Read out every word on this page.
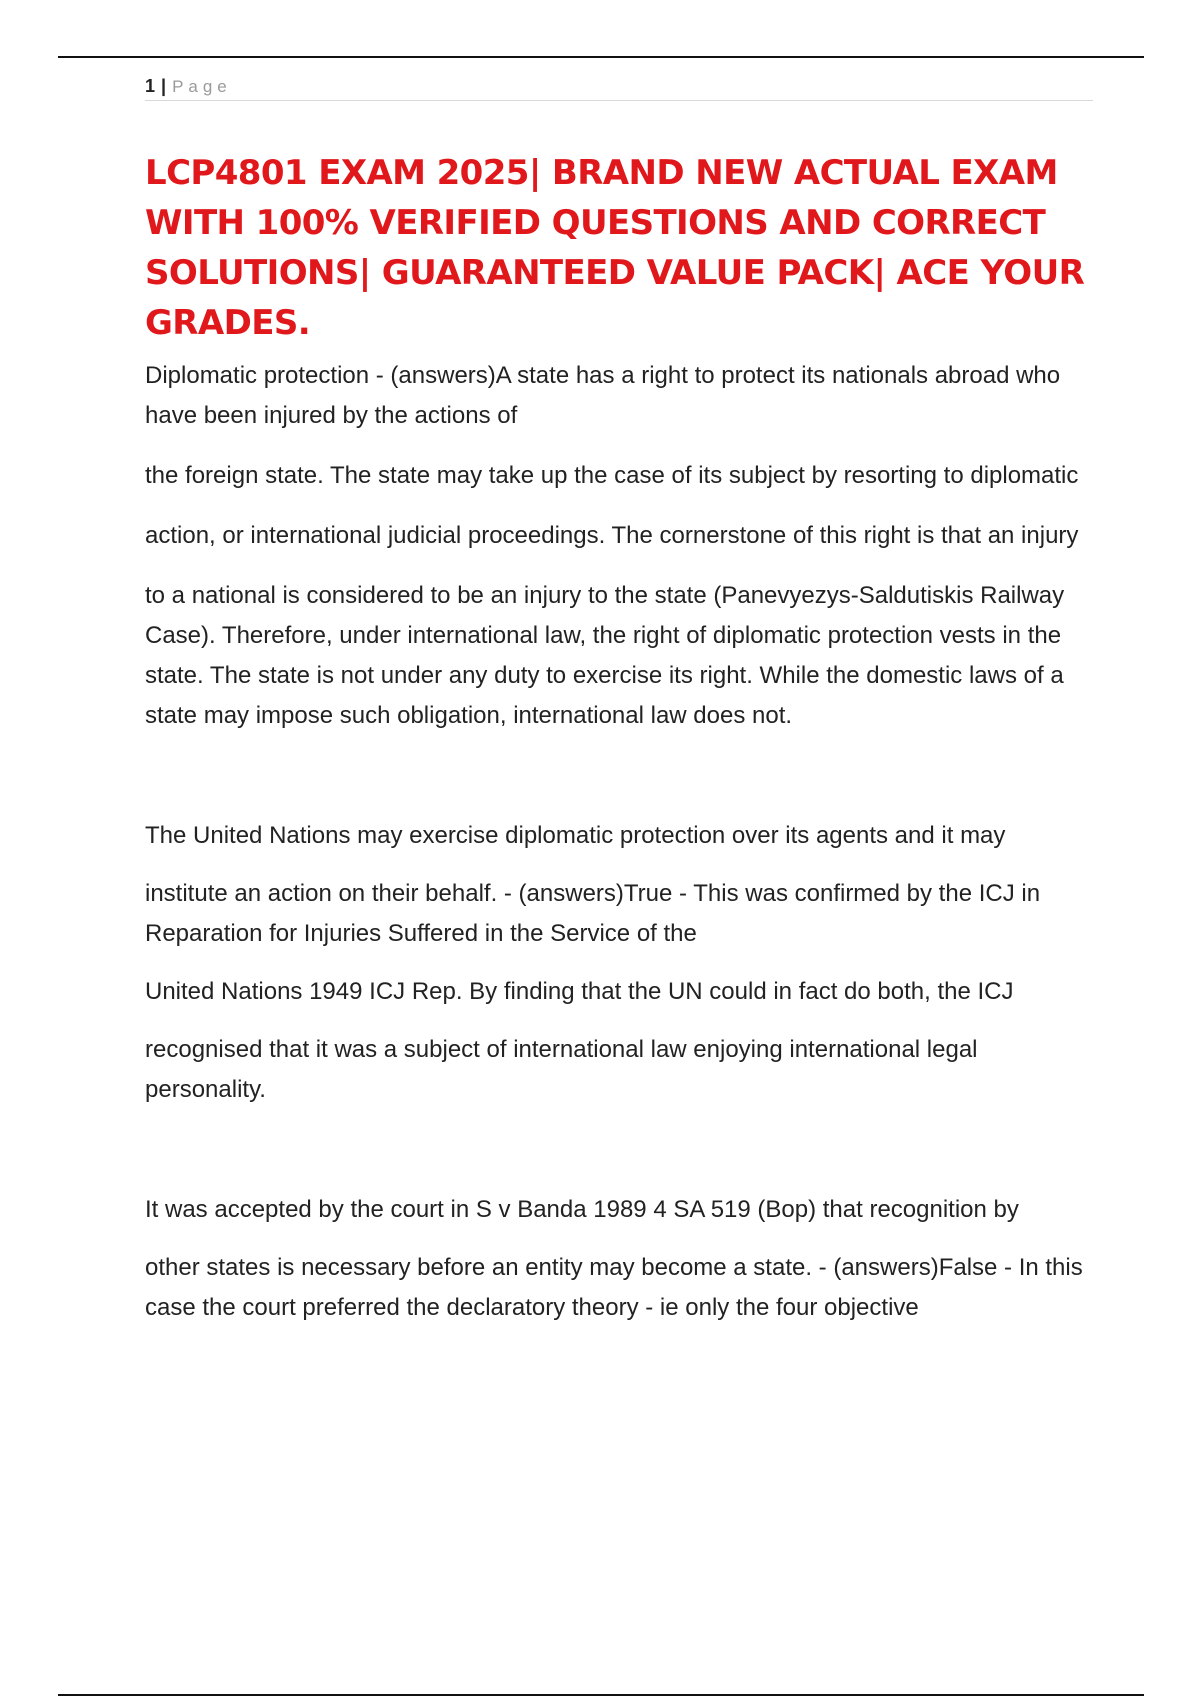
1 | Page
LCP4801 EXAM 2025| BRAND NEW ACTUAL EXAM WITH 100% VERIFIED QUESTIONS AND CORRECT SOLUTIONS| GUARANTEED VALUE PACK| ACE YOUR GRADES.

Diplomatic protection - (answers)A state has a right to protect its nationals abroad who have been injured by the actions of

the foreign state. The state may take up the case of its subject by resorting to diplomatic

action, or international judicial proceedings. The cornerstone of this right is that an injury

to a national is considered to be an injury to the state (Panevyezys-Saldutiskis Railway Case). Therefore, under international law, the right of diplomatic protection vests in the state. The state is not under any duty to exercise its right. While the domestic laws of a state may impose such obligation, international law does not.

The United Nations may exercise diplomatic protection over its agents and it may

institute an action on their behalf. - (answers)True - This was confirmed by the ICJ in Reparation for Injuries Suffered in the Service of the

United Nations 1949 ICJ Rep. By finding that the UN could in fact do both, the ICJ

recognised that it was a subject of international law enjoying international legal personality.

It was accepted by the court in S v Banda 1989 4 SA 519 (Bop) that recognition by

other states is necessary before an entity may become a state. - (answers)False - In this case the court preferred the declaratory theory - ie only the four objective
